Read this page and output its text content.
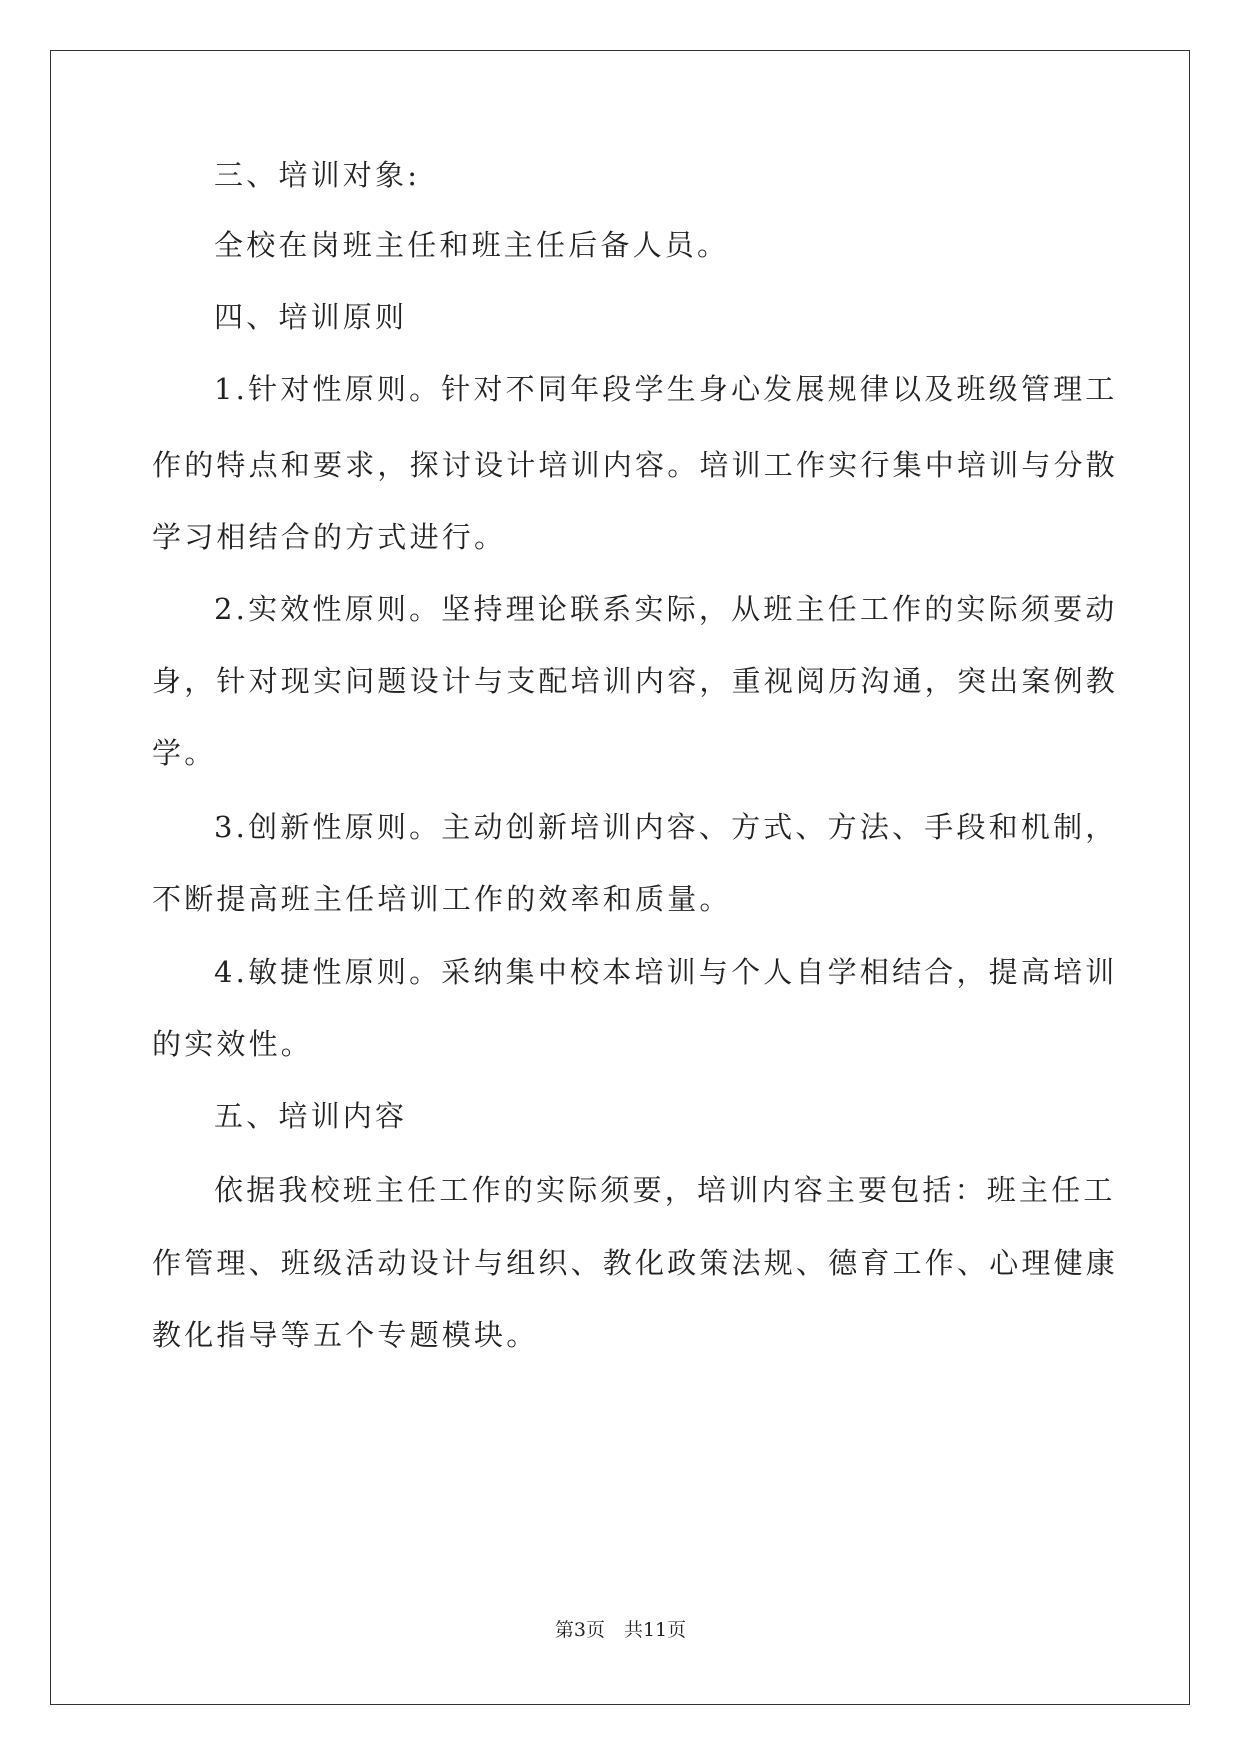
三、培训对象:
全校在岗班主任和班主任后备人员。
四、培训原则
1.针对性原则。针对不同年段学生身心发展规律以及班级管理工
作的特点和要求，探讨设计培训内容。培训工作实行集中培训与分散
学习相结合的方式进行。
2.实效性原则。坚持理论联系实际，从班主任工作的实际须要动
身，针对现实问题设计与支配培训内容，重视阅历沟通，突出案例教
学。
3.创新性原则。主动创新培训内容、方式、方法、手段和机制，
不断提高班主任培训工作的效率和质量。
4.敏捷性原则。采纳集中校本培训与个人自学相结合，提高培训
的实效性。
五、培训内容
依据我校班主任工作的实际须要，培训内容主要包括：班主任工
作管理、班级活动设计与组织、教化政策法规、德育工作、心理健康
教化指导等五个专题模块。
第3页　共11页
